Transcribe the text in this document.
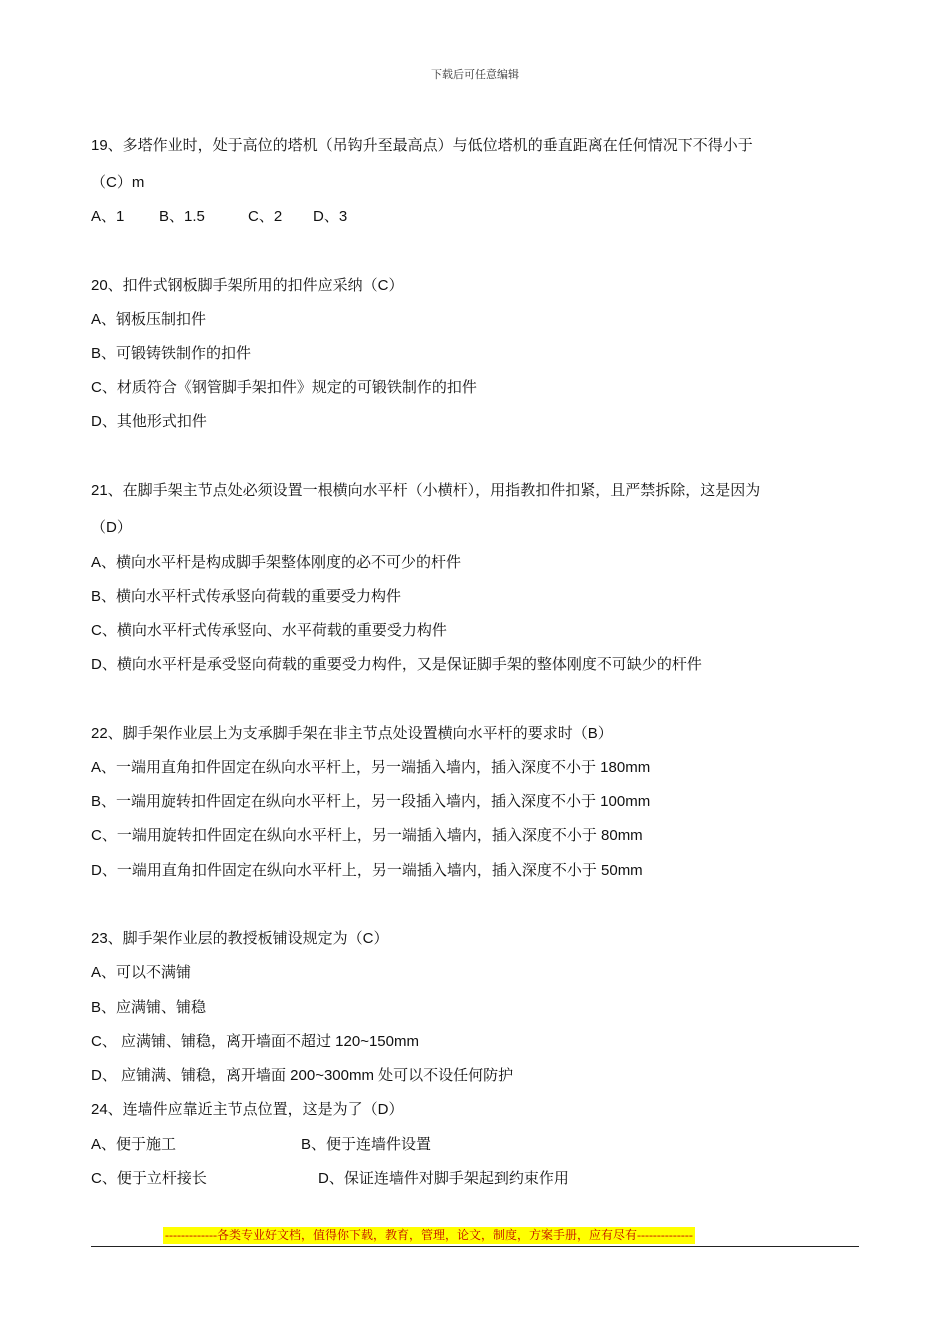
下载后可任意编辑
19、多塔作业时，处于高位的塔机（吊钩升至最高点）与低位塔机的垂直距离在任何情况下不得小于
（C）m
A、1 B、1.5	C、2 D、3
20、扣件式钢板脚手架所用的扣件应采纳（C）
A、钢板压制扣件
B、可锻铸铁制作的扣件
C、材质符合《钢管脚手架扣件》规定的可锻铁制作的扣件
D、其他形式扣件
21、在脚手架主节点处必须设置一根横向水平杆（小横杆），用指教扣件扣紧，且严禁拆除，这是因为
（D）
A、横向水平杆是构成脚手架整体刚度的必不可少的杆件
B、横向水平杆式传承竖向荷载的重要受力构件
C、横向水平杆式传承竖向、水平荷载的重要受力构件
D、横向水平杆是承受竖向荷载的重要受力构件，又是保证脚手架的整体刚度不可缺少的杆件
22、脚手架作业层上为支承脚手架在非主节点处设置横向水平杆的要求时（B）
A、一端用直角扣件固定在纵向水平杆上，另一端插入墙内，插入深度不小于 180mm
B、一端用旋转扣件固定在纵向水平杆上，另一段插入墙内，插入深度不小于 100mm
C、一端用旋转扣件固定在纵向水平杆上，另一端插入墙内，插入深度不小于 80mm
D、一端用直角扣件固定在纵向水平杆上，另一端插入墙内，插入深度不小于 50mm
23、脚手架作业层的教授板铺设规定为（C）
A、可以不满铺
B、应满铺、铺稳
C、 应满铺、铺稳，离开墙面不超过 120~150mm
D、 应铺满、铺稳，离开墙面 200~300mm 处可以不设任何防护
24、连墙件应靠近主节点位置，这是为了（D）
A、便于施工	B、便于连墙件设置
C、便于立杆接长	D、保证连墙件对脚手架起到约束作用
-------------各类专业好文档，值得你下载，教育，管理，论文，制度，方案手册，应有尽有--------------
